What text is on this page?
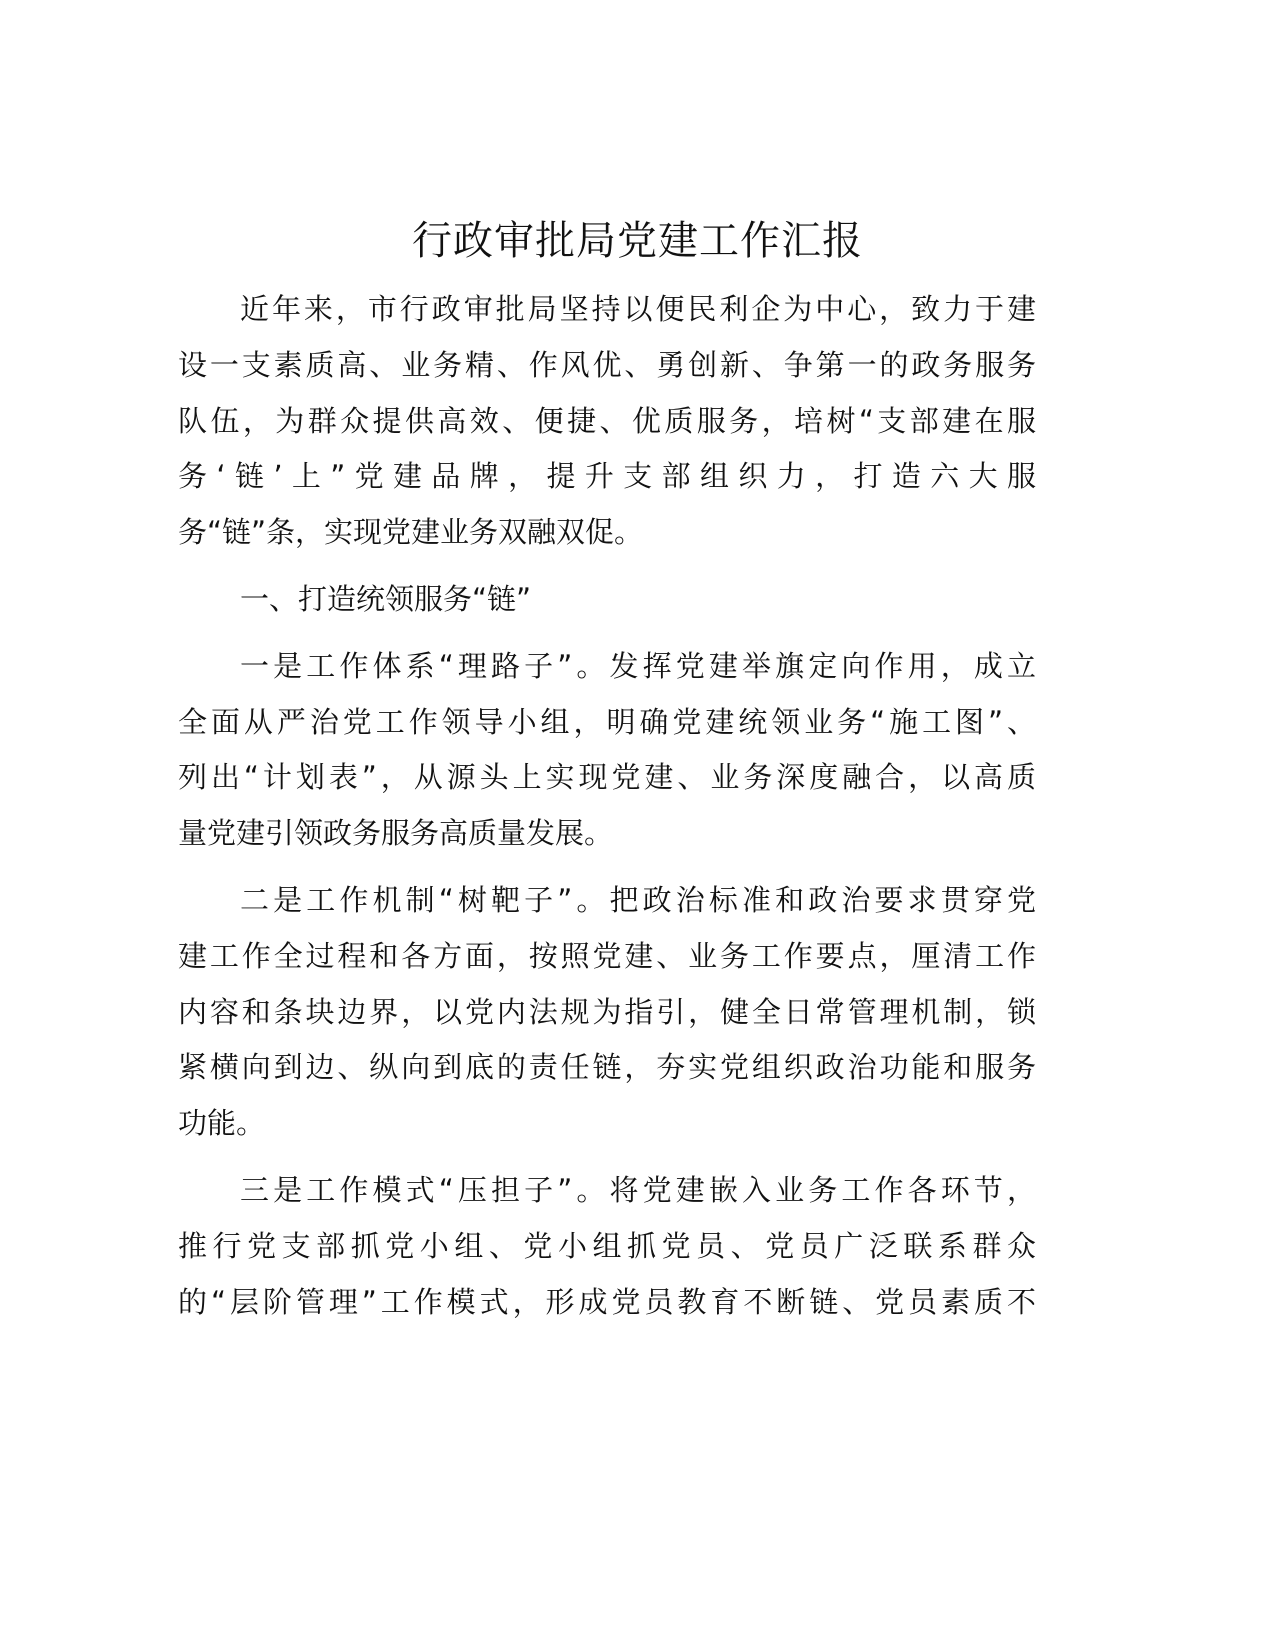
行政审批局党建工作汇报
近年来，市行政审批局坚持以便民利企为中心，致力于建
设一支素质高、业务精、作风优、勇创新、争第一的政务服务
队伍，为群众提供高效、便捷、优质服务，培树“支部建在服
务‘链’上”党建品牌，提升支部组织力，打造六大服
务“链”条，实现党建业务双融双促。
一、打造统领服务“链”
一是工作体系“理路子”。发挥党建举旗定向作用，成立
全面从严治党工作领导小组，明确党建统领业务“施工图”、
列出“计划表”，从源头上实现党建、业务深度融合，以高质
量党建引领政务服务高质量发展。
二是工作机制“树靶子”。把政治标准和政治要求贯穿党
建工作全过程和各方面，按照党建、业务工作要点，厘清工作
内容和条块边界，以党内法规为指引，健全日常管理机制，锁
紧横向到边、纵向到底的责任链，夯实党组织政治功能和服务
功能。
三是工作模式“压担子”。将党建嵌入业务工作各环节，
推行党支部抓党小组、党小组抓党员、党员广泛联系群众
的“层阶管理”工作模式，形成党员教育不断链、党员素质不
